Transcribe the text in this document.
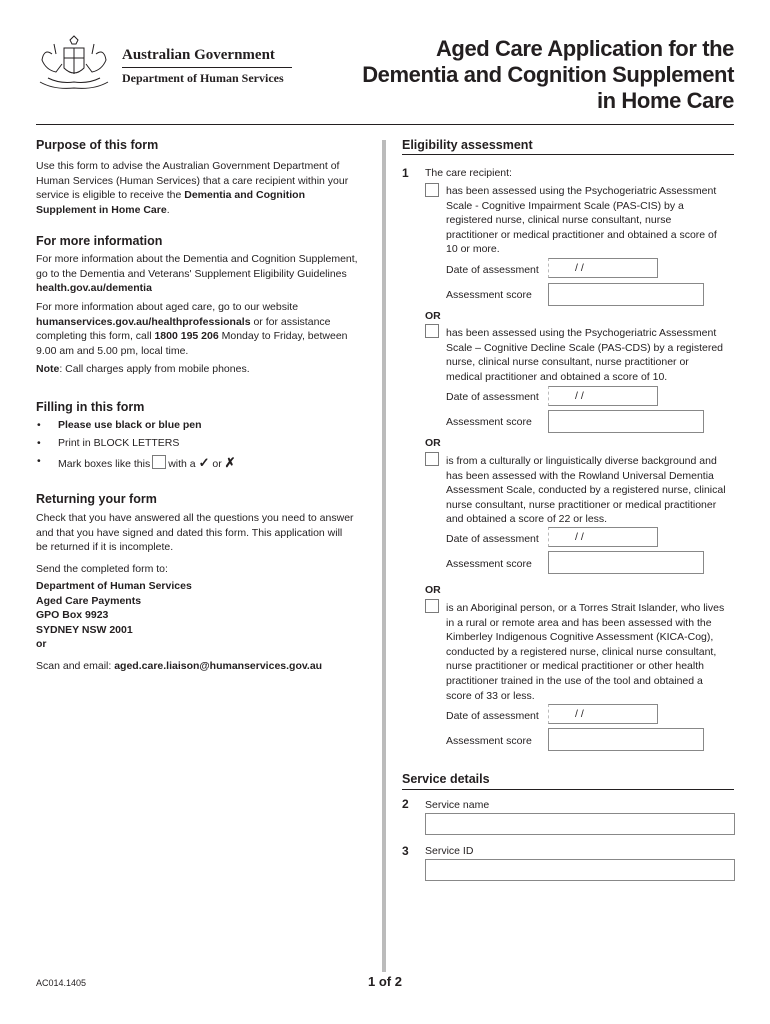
Australian Government
Department of Human Services
Aged Care Application for the
Dementia and Cognition Supplement
in Home Care
Purpose of this form

Use this form to advise the Australian Government Department of
Human Services (Human Services) that a care recipient within your
service is eligible to receive the Dementia and Cognition
Supplement in Home Care.

For more information

For more information about the Dementia and Cognition Supplement,
go to the Dementia and Veterans' Supplement Eligibility Guidelines
health.gov.au/dementia

For more information about aged care, go to our website
humanservices.gov.au/healthprofessionals or for assistance
completing this form, call 1800 195 206 Monday to Friday, between
9.00 am and 5.00 pm, local time.

Note: Call charges apply from mobile phones.

Filling in this form
• Please use black or blue pen
• Print in BLOCK LETTERS
• Mark boxes like this with a ✓ or ✗
Returning your form

Check that you have answered all the questions you need to answer
and that you have signed and dated this form. This application will
be returned if it is incomplete.

Send the completed form to:

Department of Human Services
Aged Care Payments
GPO Box 9923
SYDNEY NSW 2001
or

Scan and email: aged.care.liaison@humanservices.gov.au

Eligibility assessment
1 The care recipient:

has been assessed using the Psychogeriatric Assessment
Scale - Cognitive Impairment Scale (PAS-CIS) by a
registered nurse, clinical nurse consultant, nurse
practitioner or medical practitioner and obtained a score of
10 or more.

Date of assessment	/ /
Assessment score
OR

has been assessed using the Psychogeriatric Assessment
Scale – Cognitive Decline Scale (PAS-CDS) by a registered
nurse, clinical nurse consultant, nurse practitioner or
medical practitioner and obtained a score of 10.

Date of assessment	/ /
Assessment score
OR

is from a culturally or linguistically diverse background and
has been assessed with the Rowland Universal Dementia
Assessment Scale, conducted by a registered nurse, clinical
nurse consultant, nurse practitioner or medical practitioner
and obtained a score of 22 or less.

Date of assessment	/ /
Assessment score
OR

is an Aboriginal person, or a Torres Strait Islander, who lives
in a rural or remote area and has been assessed with the
Kimberley Indigenous Cognitive Assessment (KICA-Cog),
conducted by a registered nurse, clinical nurse consultant,
nurse practitioner or medical practitioner or other health
practitioner trained in the use of the tool and obtained a
score of 33 or less.

Date of assessment	/ /
Assessment score
Service details
2 Service name
3 Service ID
AC014.1405	1 of 2
